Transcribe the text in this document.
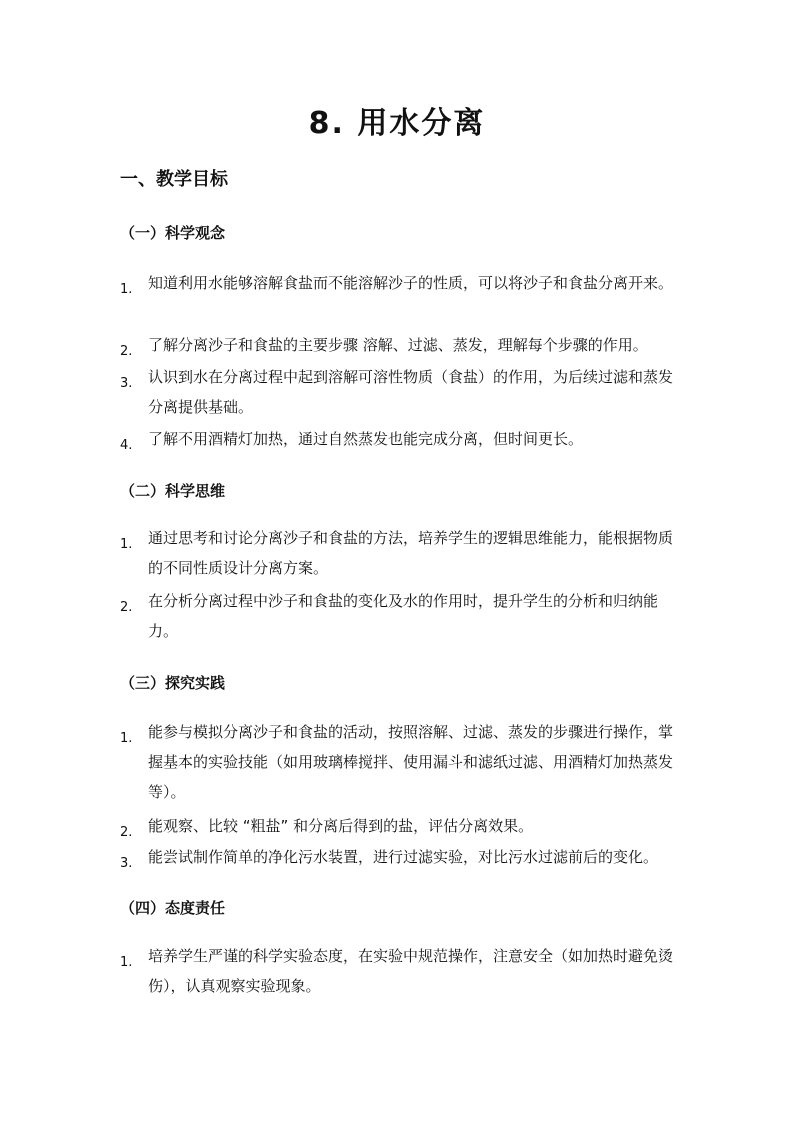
8. 用水分离
一、教学目标
（一）科学观念
1.	知道利用水能够溶解食盐而不能溶解沙子的性质，可以将沙子和食盐分离开来。
2.	了解分离沙子和食盐的主要步骤 溶解、过滤、蒸发，理解每个步骤的作用。
3.	认识到水在分离过程中起到溶解可溶性物质（食盐）的作用，为后续过滤和蒸发分离提供基础。
4.	了解不用酒精灯加热，通过自然蒸发也能完成分离，但时间更长。
（二）科学思维
1.	通过思考和讨论分离沙子和食盐的方法，培养学生的逻辑思维能力，能根据物质的不同性质设计分离方案。
2.	在分析分离过程中沙子和食盐的变化及水的作用时，提升学生的分析和归纳能力。
（三）探究实践
1.	能参与模拟分离沙子和食盐的活动，按照溶解、过滤、蒸发的步骤进行操作，掌握基本的实验技能（如用玻璃棒搅拌、使用漏斗和滤纸过滤、用酒精灯加热蒸发等）。
2.	能观察、比较 “粗盐” 和分离后得到的盐，评估分离效果。
3.	能尝试制作简单的净化污水装置，进行过滤实验，对比污水过滤前后的变化。
（四）态度责任
1.	培养学生严谨的科学实验态度，在实验中规范操作，注意安全（如加热时避免烫伤），认真观察实验现象。
